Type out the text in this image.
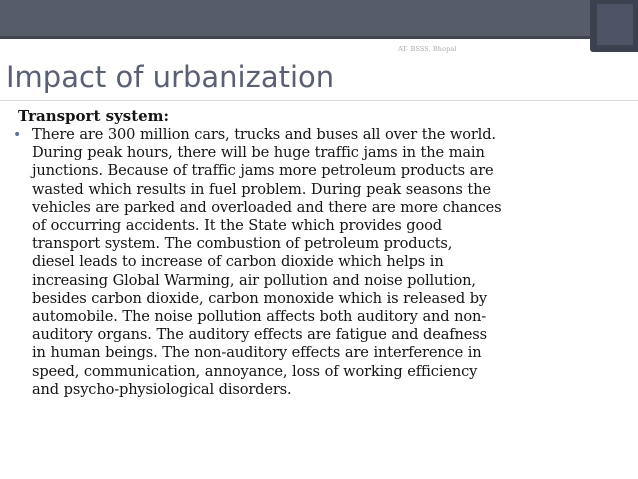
AT- BSSS, Bhopal
Impact of urbanization

Transport system:

• There are 300 million cars, trucks and buses all over the world.
During peak hours, there will be huge traffic jams in the main
junctions. Because of traffic jams more petroleum products are
wasted which results in fuel problem. During peak seasons the
vehicles are parked and overloaded and there are more chances
of occurring accidents. It the State which provides good
transport system. The combustion of petroleum products,
diesel leads to increase of carbon dioxide which helps in
increasing Global Warming, air pollution and noise pollution,
besides carbon dioxide, carbon monoxide which is released by
automobile. The noise pollution affects both auditory and non-
auditory organs. The auditory effects are fatigue and deafness
in human beings. The non-auditory effects are interference in
speed, communication, annoyance, loss of working efficiency
and psycho-physiological disorders.
